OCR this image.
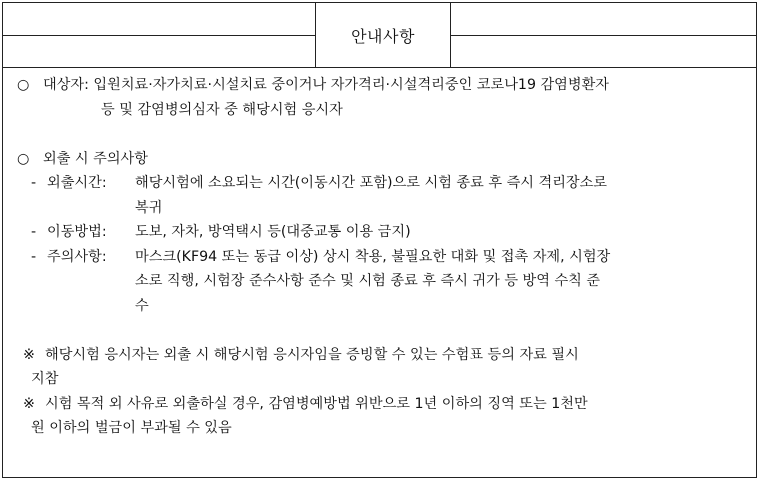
안내사항
○ 대상자: 입원치료·자가치료·시설치료 중이거나 자가격리·시설격리중인 코로나19 감염병환자
등 및 감염병의심자 중 해당시험 응시자
○ 외출 시 주의사항
- 외출시간:	해당시험에 소요되는 시간(이동시간 포함)으로 시험 종료 후 즉시 격리장소로
복귀
- 이동방법:	도보, 자차, 방역택시 등(대중교통 이용 금지)
- 주의사항:	마스크(KF94 또는 동급 이상) 상시 착용, 불필요한 대화 및 접촉 자제, 시험장
소로 직행, 시험장 준수사항 준수 및 시험 종료 후 즉시 귀가 등 방역 수칙 준
수
※ 해당시험 응시자는 외출 시 해당시험 응시자임을 증빙할 수 있는 수험표 등의 자료 필시
지참
※ 시험 목적 외 사유로 외출하실 경우, 감염병예방법 위반으로 1년 이하의 징역 또는 1천만
원 이하의 벌금이 부과될 수 있음
